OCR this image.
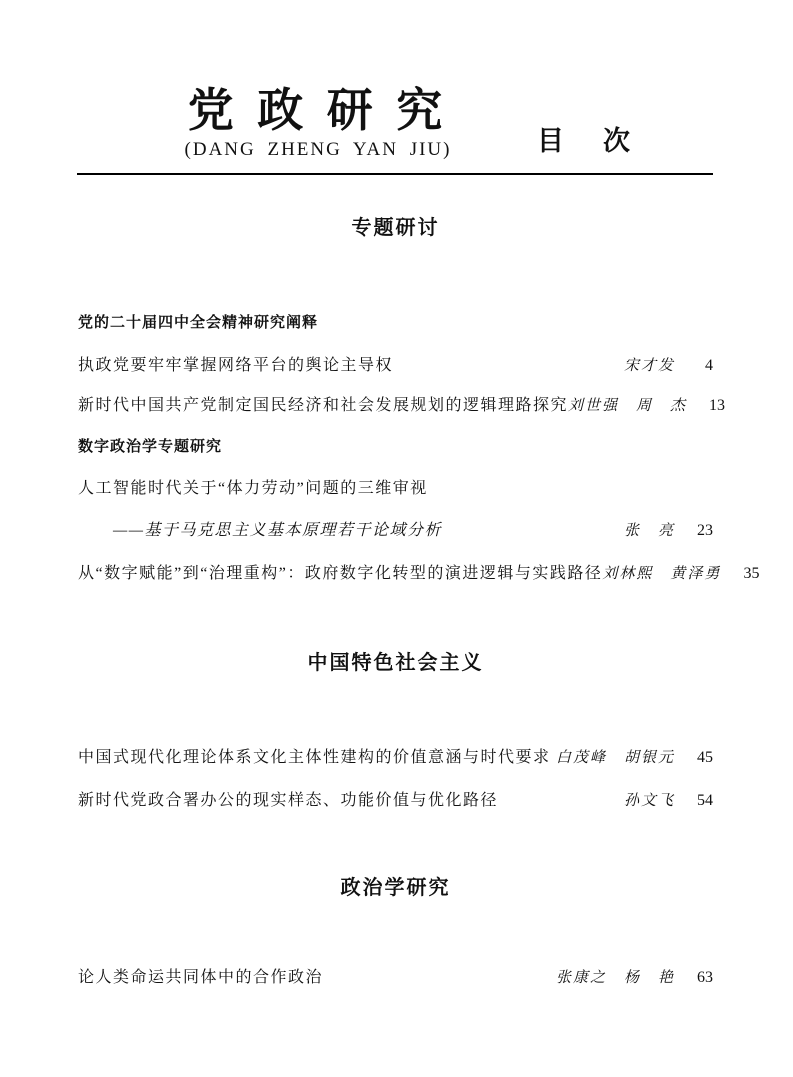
党 政 研 究
(DANG ZHENG YAN JIU)	目　次
专题研讨
党的二十届四中全会精神研究阐释
执政党要牢牢掌握网络平台的舆论主导权	宋才发	4
新时代中国共产党制定国民经济和社会发展规划的逻辑理路探究 刘世强　周　杰	13
数字政治学专题研究
人工智能时代关于“体力劳动”问题的三维审视
——基于马克思主义基本原理若干论域分析	张　亮	23
从“数字赋能”到“治理重构”：政府数字化转型的演进逻辑与实践路径 刘林熙　黄泽勇	35
中国特色社会主义
中国式现代化理论体系文化主体性建构的价值意涵与时代要求 白茂峰　胡银元	45
新时代党政合署办公的现实样态、功能价值与优化路径	孙文飞	54
政治学研究
论人类命运共同体中的合作政治	张康之　杨　艳	63
